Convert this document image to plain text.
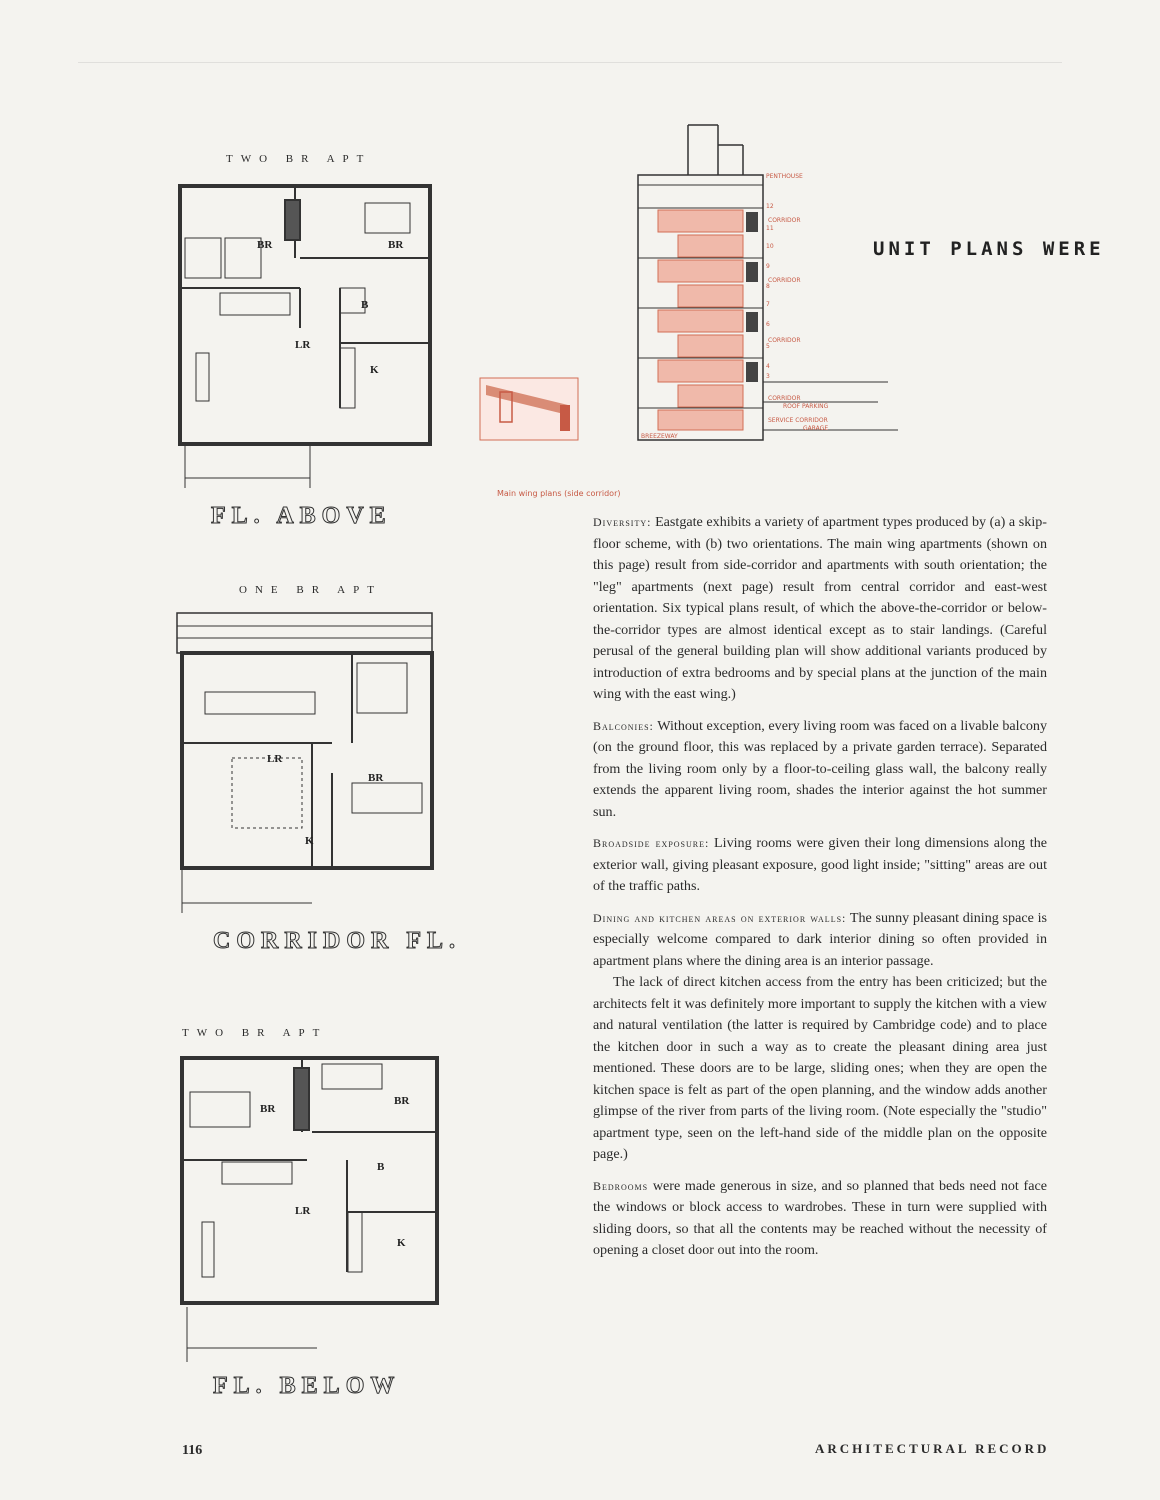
TWO BR APT
BR	BR
LR
B
K
FL. ABOVE
ONE BR APT
LR
BR
K
CORRIDOR FL.
TWO BR APT
BR
BR
LR
B
K
FL. BELOW
PENTHOUSE
CORRIDOR
CORRIDOR
CORRIDOR
CORRIDOR
ROOF PARKING
SERVICE CORRIDOR
GARAGE
BREEZEWAY
12
11
10
9
8
7
6
5
4
3
Main wing plans (side corridor)
UNIT PLANS WERE

Diversity: Eastgate exhibits a variety of apartment types produced by (a) a skip-floor scheme, with (b) two orientations. The main wing apartments (shown on this page) result from side-corridor and apartments with south orientation; the "leg" apartments (next page) result from central corridor and east-west orientation. Six typical plans result, of which the above-the-corridor or below-the-corridor types are almost identical except as to stair landings. (Careful perusal of the general building plan will show additional variants produced by introduction of extra bedrooms and by special plans at the junction of the main wing with the east wing.)

Balconies: Without exception, every living room was faced on a livable balcony (on the ground floor, this was replaced by a private garden terrace). Separated from the living room only by a floor-to-ceiling glass wall, the balcony really extends the apparent living room, shades the interior against the hot summer sun.

Broadside exposure: Living rooms were given their long dimensions along the exterior wall, giving pleasant exposure, good light inside; "sitting" areas are out of the traffic paths.

Dining and kitchen areas on exterior walls: The sunny pleasant dining space is especially welcome compared to dark interior dining so often provided in apartment plans where the dining area is an interior passage.

The lack of direct kitchen access from the entry has been criticized; but the architects felt it was definitely more important to supply the kitchen with a view and natural ventilation (the latter is required by Cambridge code) and to place the kitchen door in such a way as to create the pleasant dining area just mentioned. These doors are to be large, sliding ones; when they are open the kitchen space is felt as part of the open planning, and the window adds another glimpse of the river from parts of the living room. (Note especially the "studio" apartment type, seen on the left-hand side of the middle plan on the opposite page.)

Bedrooms were made generous in size, and so planned that beds need not face the windows or block access to wardrobes. These in turn were supplied with sliding doors, so that all the contents may be reached without the necessity of opening a closet door out into the room.

116	ARCHITECTURAL RECORD
